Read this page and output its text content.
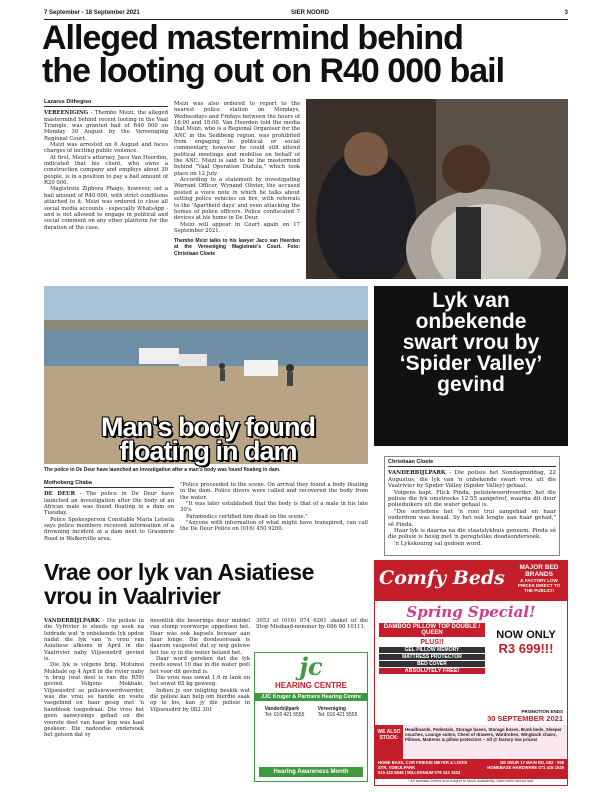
7 September - 18 September 2021	SIER NOORD	3
Alleged mastermind behind
the looting out on R40 000 bail
Lazarus Dithegiso

VEREENIGING - Thembo Msizi, the alleged mastermind behind recent looting in the Vaal Triangle, was granted bail of R40 000 on Monday 30 August by the Vereeniging Regional Court.

Msizi was arrested on 6 August and faces charges of inciting public violence.

At first, Msizi's attorney, Jaco Van Heerden, indicated that his client, who owns a construction company and employs about 30 people, is in a position to pay a bail amount of R20 000.

Magistrate Ziphora Phago, however, set a bail amount of R40 000, with strict conditions attached to it. Msizi was ordered to close all social media accounts - especially WhatsApp - and is not allowed to engage in political and social comment on any other platform for the duration of the case.

Msizi was also ordered to report to the nearest police station on Mondays, Wednesdays and Fridays between the hours of 16:00 and 18:00. Van Heerden told the media that Msizi, who is a Regional Organiser for the ANC in the Sedibeng region, was prohibited from engaging in political or social commentary, however he could still attend political meetings and mobilise on behalf of the ANC. Msizi is said to be the mastermind behind "Vaal Operation Dudula," which took place on 12 July.

According to a statement by investigating Warrant Officer, Wynand Olivier, the accused posted a voice note in which he talks about setting police vehicles on fire, with referrals to the 'Apartheid days' and even attacking the homes of police officers. Police confiscated 7 devices at his home in De Deur.

Msizi will appear in Court again on 17 September 2021.

Thembo Msizi talks to his lawyer Jaco van Heerden at the Vereeniging Magistrate's Court. Foto: Christiaan Cloete

Man's body found
floating in dam
The police in De Deur have launched an investigation after a man's body was found floating in dam.
Mothobeng Chaba

DE DEUR - The police in De Deur have launched an investigation after the body of an African male was found floating in a dam on Tuesday.

Police Spokesperson Constable Maria Letsela says police members received information of a drowning incident at a dam next to Grasmere Road in Walkerville area.

"Police proceeded to the scene. On arrival they found a body floating in the dam. Police divers were called and recovered the body from the water.

"It was later established that the body is that of a male in his late 30's.

Paramedics certified him dead on the scene."

"Anyone with information of what might have transpired, can call the De Deur Police on (016) 450 9200.

Lyk van
onbekende
swart vrou by
‘Spider Valley’
gevind
Christiaan Cloete

VANDERBIJLPARK - Die polisie het Sondagmiddag, 22 Augustus, die lyk van 'n onbekende swart vrou uit die Vaalrivier by Spider Valley (Spider Valley) gehaal.

Volgens kapt. Flick Pinda, polisiewoordvoerder, het die polisie die lyk omstreeks 12:55 aangetref, waarna dit deur polieduikers uit die water gehaal is.

"Die oorledene het 'n rooi trui aangehad en haar ouderdom was kwaal. Sy het ook lengte aan haar gehad," sê Pinda.

Haar lyk is daarna na die staatslykhuis geneem. Pinda sê die polisie is besig met 'n geregtelike doodsondersoek.

'n Lykskouing sal gedoen word.

Vrae oor lyk van Asiatiese
vrou in Vaalrivier

VANDERBIJLPARK - Die polisie in die Vyfrivier is steeds op soek na leidrade wat 'n onbekende lyk opdoe nadat die lyk van 'n vrou van Asiatiese afkoms in April in die Vaalrivier naby Viljoensdrif gevind is.

Die lyk is volgens brig. Motumsi Mokhale op 4 April in die rivier naby 'n brug (wat deel is van die R59) gevind. Volgens Mokhale, Viljoensdrif se polisiewoordvoerder, was die vrou se hande en voete vasgebind en haar gesig met 'n handdoek toegedraai. Die vrou het geen aanwysings gehad en die voorste deel van haar kop was kaal geskeer. Die nadoodse ondersoek het getoon dat sy

moontlik die beserings deur middel van stomp voorwerpe opgedoen het. Daar was ook kapsels bewaar aan haar longe. Die doodsoorsaak is daarom vasgestel dat sy nog gelewe het toe sy in die water beland het.

Daar word gereken dat die lyk reeds sowat 10 dae in die water geël het voor dit gevind is.

Die vrou was sowat 1,6 m lank en het sowat 65 kg geweeg.

Indien jy oor inligting beskik wat die polisie kan help om hierdie saak op te los, kan jy die polisie in Viljoensdrif by 082 301

3053 of (016) 974 6261 skakel of die Stop Misdaad-nommer by 086 00 10111.

jc
HEARING CENTRE
JJC Kruger & Partners Hearing Centre
Vanderbijlpark
Tel: 016 421 5555
Vereeniging
Tel: 016 421 5555
Hearing Awareness Month
Comfy Beds	MAJOR BED BRANDS
& FACTORY LOW PRICES DIRECT TO THE PUBLIC!!
Spring Special!
DAMBOO PILLOW TOP DOUBLE / QUEEN
PLUS!!
GEL PILLOW MEMORY
MATTRESS PROTECTOR
BED COVER
ABSOLUTELY FREE!
NOW ONLY
R3 699!!!
PROMOTION ENDS
30 SEPTEMBER 2021
WE ALSO STOCK:
Headboards, Pedestals, Storage bases, Storage boxes, Bunk beds, Sleeper couches, Lounge suites, Chest of drawers, Wardrobes, Wingback chairs, Pillows, Mattress & pillow protectors – All @ factory low prices!
HOME BASE, COR FRIKKIE MEYER & LOOIS STR, VDBIJLPARK
015 422 8848 | MILLENNIUM 079 124 1533
DE DEUR 17 MAIN RD, 082 - 058
HOMEBASE HARDWARE 071 415 1529
* All specials limited and subject to stock availability. Valid while stocks last.
